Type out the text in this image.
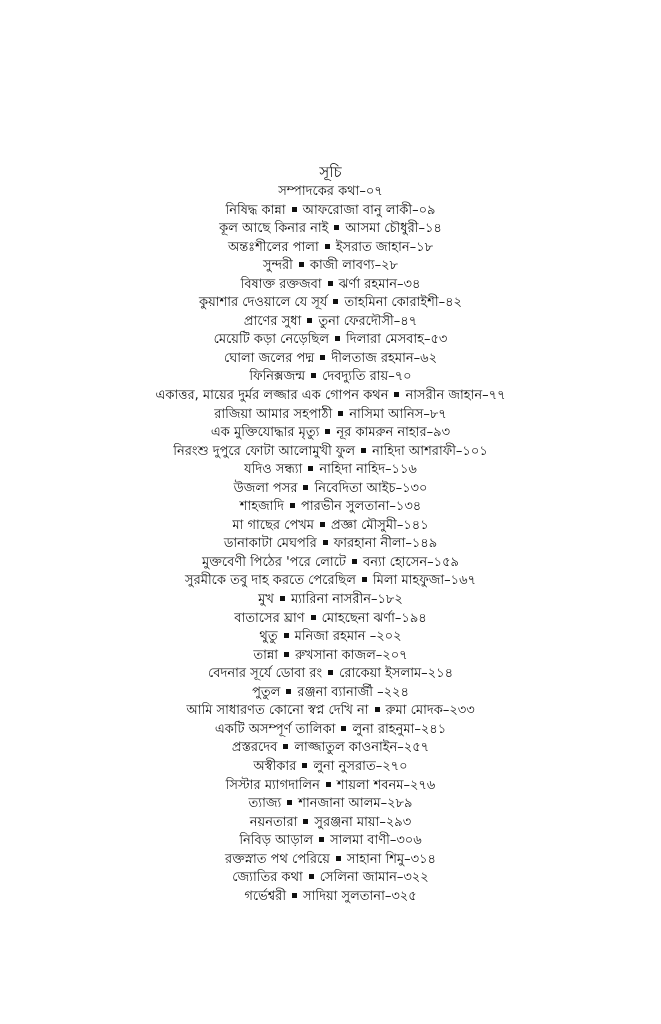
সূচি
সম্পাদকের কথা–০৭
নিষিদ্ধ কান্না আফরোজা বানু লাকী–০৯
কূল আছে কিনার নাই আসমা চৌধুরী–১৪
অন্তঃশীলের পালা ইসরাত জাহান–১৮
সুন্দরী কাজী লাবণ্য–২৮
বিষাক্ত রক্তজবা ঝর্ণা রহমান–৩৪
কুয়াশার দেওয়ালে যে সূর্য তাহমিনা কোরাইশী–৪২
প্রাণের সুধা তুনা ফেরদৌসী–৪৭
মেয়েটি কড়া নেড়েছিল দিলারা মেসবাহ–৫৩
ঘোলা জলের পদ্ম দীলতাজ রহমান–৬২
ফিনিক্সজন্ম দেবদ্যুতি রায়–৭০
একাত্তর, মায়ের দুর্মর লজ্জার এক গোপন কথন নাসরীন জাহান–৭৭
রাজিয়া আমার সহপাঠী নাসিমা আনিস–৮৭
এক মুক্তিযোদ্ধার মৃত্যু নূর কামরুন নাহার–৯৩
নিরংশু দুপুরে ফোটা আলোমুখী ফুল নাহিদা আশরাফী–১০১
যদিও সন্ধ্যা নাহিদা নাহিদ–১১৬
উজলা পসর নিবেদিতা আইচ–১৩০
শাহজাদি পারভীন সুলতানা–১৩৪
মা গাছের পেখম প্রজ্ঞা মৌসুমী–১৪১
ডানাকাটা মেঘপরি ফারহানা নীলা–১৪৯
মুক্তবেণী পিঠের 'পরে লোটে বন্যা হোসেন–১৫৯
সুরমীকে তবু দাহ করতে পেরেছিল মিলা মাহফুজা–১৬৭
মুখ ম্যারিনা নাসরীন–১৮২
বাতাসের ঘ্রাণ মোহছেনা ঝর্ণা–১৯৪
থুতু মনিজা রহমান –২০২
তান্না রুখসানা কাজল–২০৭
বেদনার সূর্যে ডোবা রং রোকেয়া ইসলাম–২১৪
পুতুল রঞ্জনা ব্যানার্জী –২২৪
আমি সাধারণত কোনো স্বপ্ন দেখি না রুমা মোদক–২৩৩
একটি অসম্পূর্ণ তালিকা লুনা রাহনুমা–২৪১
প্রস্তরদেব লাজ্জাতুল কাওনাইন–২৫৭
অস্বীকার লুনা নুসরাত–২৭০
সিস্টার ম্যাগদালিন শায়লা শবনম–২৭৬
ত্যাজ্য শানজানা আলম–২৮৯
নয়নতারা সুরঞ্জনা মায়া–২৯৩
নিবিড় আড়াল সালমা বাণী–৩০৬
রক্তস্নাত পথ পেরিয়ে সাহানা শিমু–৩১৪
জ্যোতির কথা সেলিনা জামান–৩২২
গর্ভেশ্বরী সাদিয়া সুলতানা–৩২৫
